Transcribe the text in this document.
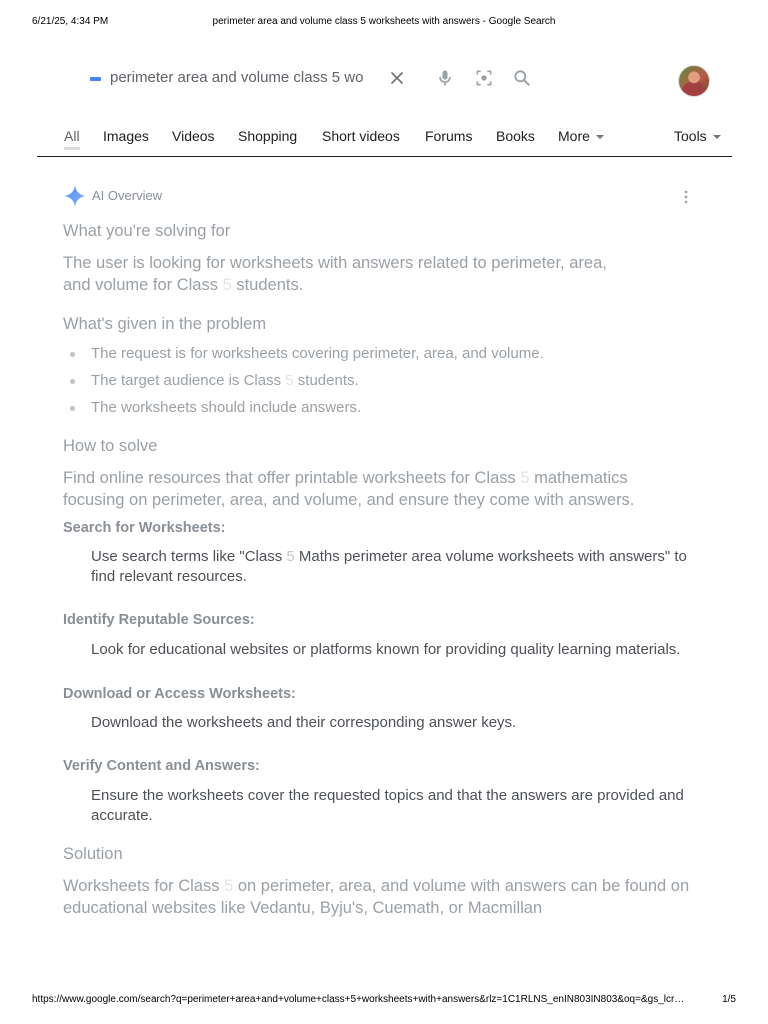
6/21/25, 4:34 PM	perimeter area and volume class 5 worksheets with answers - Google Search
perimeter area and volume class 5 wo
All Images Videos Shopping Short videos Forums Books More	Tools
AI Overview

What you're solving for

The user is looking for worksheets with answers related to perimeter, area,
and volume for Class 5 students.

What's given in the problem

The request is for worksheets covering perimeter, area, and volume.
The target audience is Class 5 students.
The worksheets should include answers.

How to solve

Find online resources that offer printable worksheets for Class 5 mathematics focusing on perimeter, area, and volume, and ensure they come with answers.

Search for Worksheets:

Use search terms like "Class 5 Maths perimeter area volume worksheets with answers" to find relevant resources.

Identify Reputable Sources:

Look for educational websites or platforms known for providing quality learning materials.

Download or Access Worksheets:

Download the worksheets and their corresponding answer keys.

Verify Content and Answers:

Ensure the worksheets cover the requested topics and that the answers are provided and accurate.

Solution

Worksheets for Class 5 on perimeter, area, and volume with answers can be found on educational websites like Vedantu, Byju's, Cuemath, or Macmillan

https://www.google.com/search?q=perimeter+area+and+volume+class+5+worksheets+with+answers&rlz=1C1RLNS_enIN803IN803&oq=&gs_lcr…	1/5
